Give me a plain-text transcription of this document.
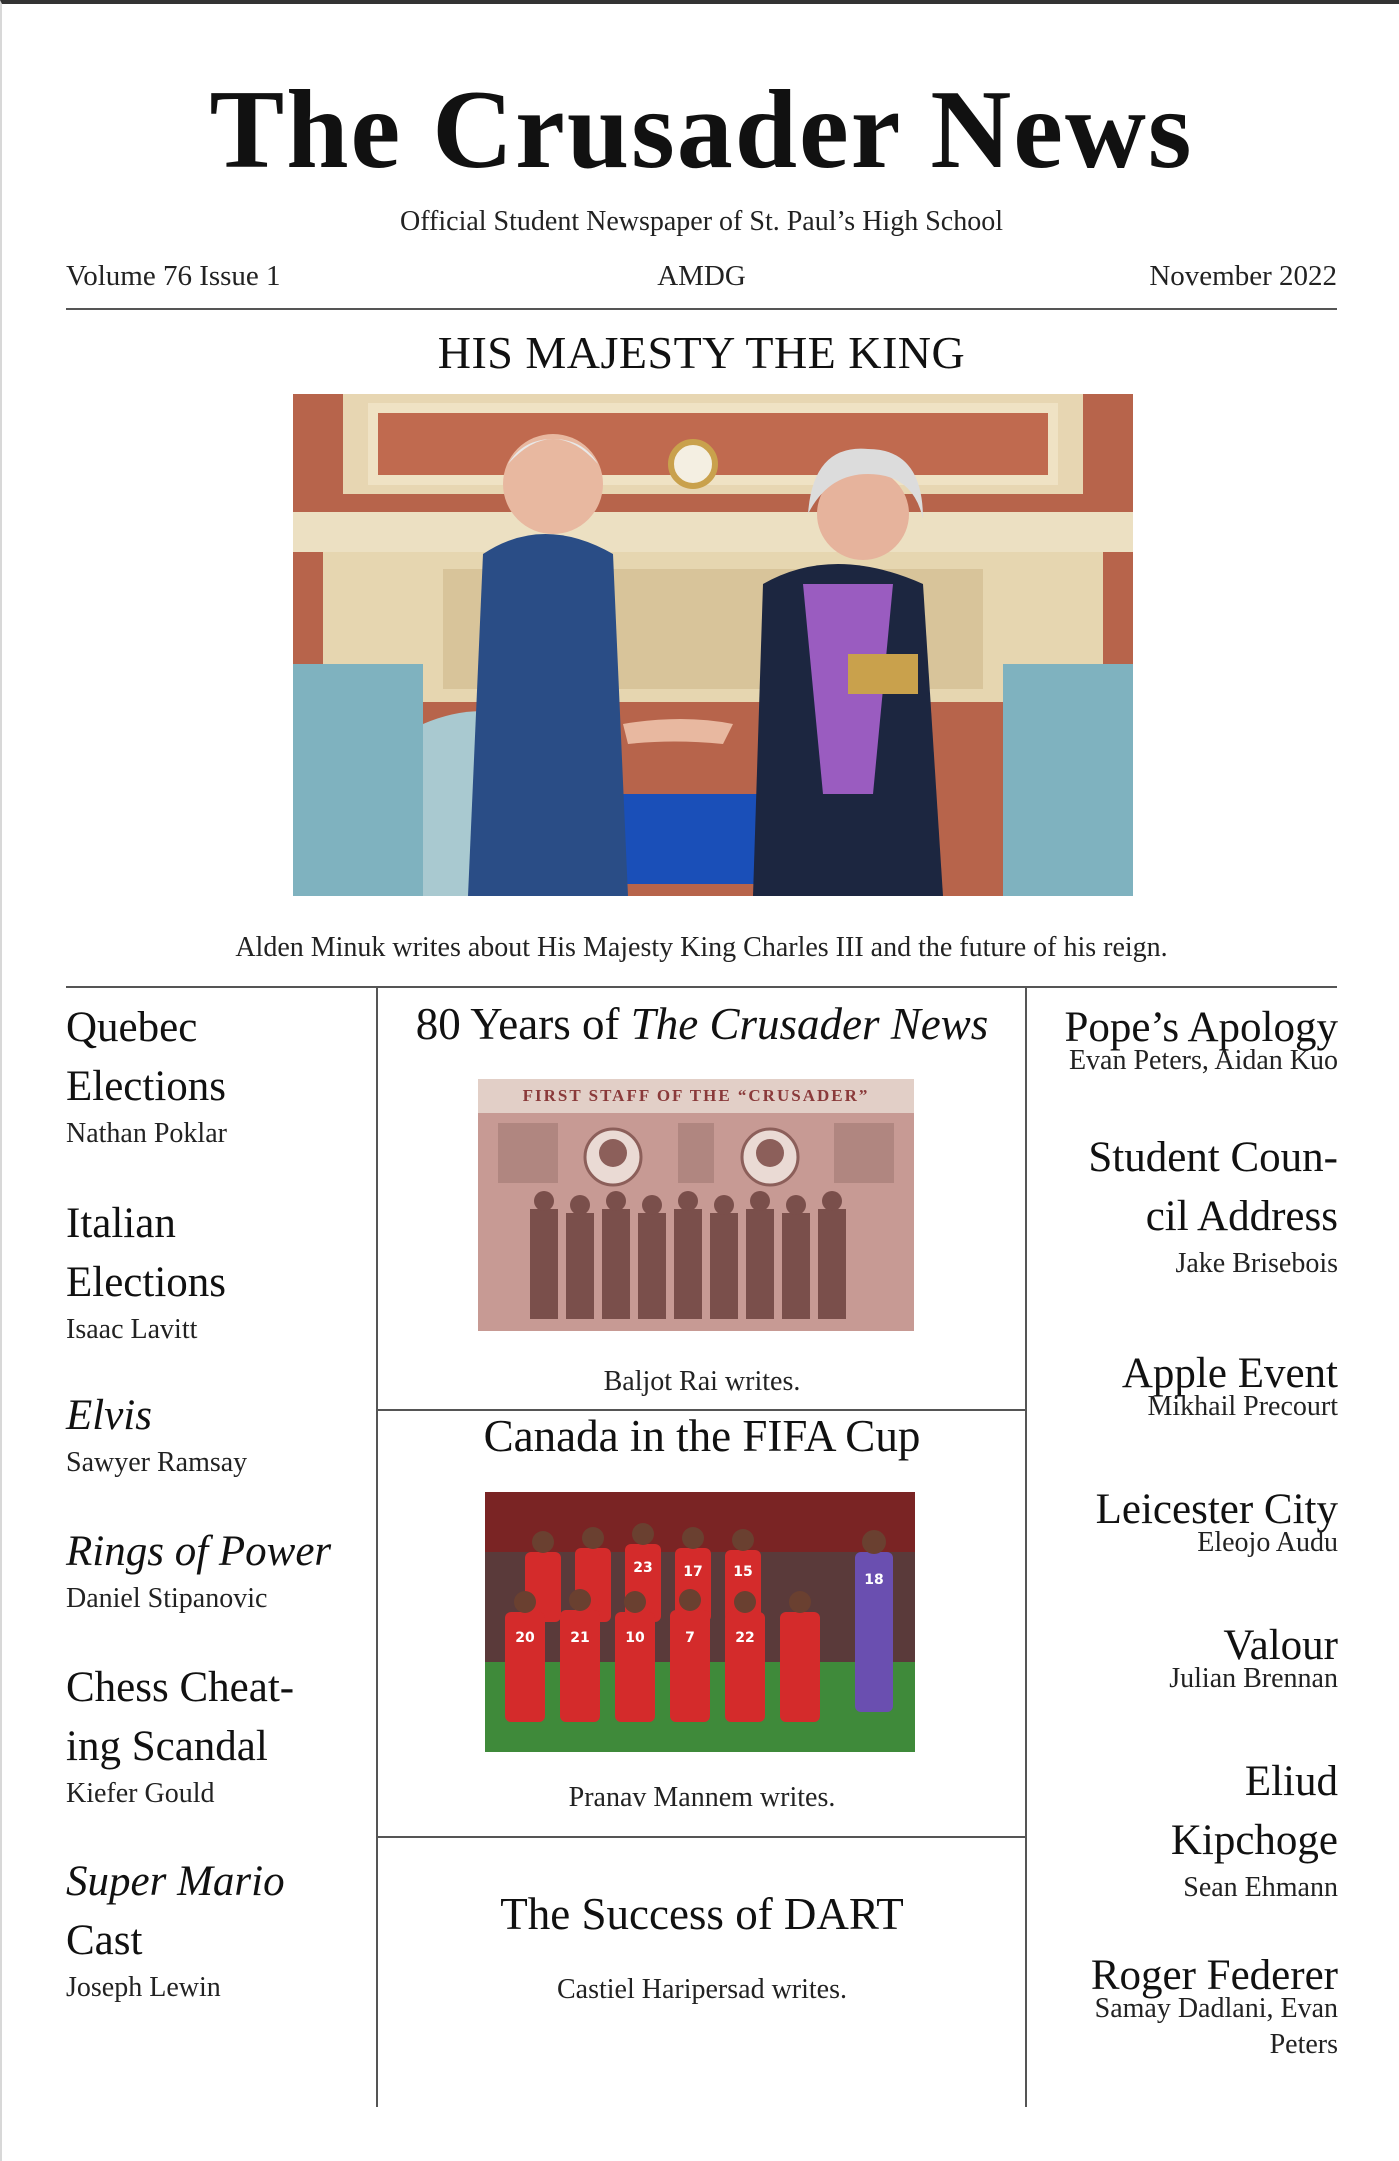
The Crusader News
Official Student Newspaper of St. Paul’s High School
AMDG
Volume 76 Issue 1	November 2022
HIS MAJESTY THE KING
Alden Minuk writes about His Majesty King Charles III and the future of his reign.
Quebec
Elections
Nathan Poklar
Italian
Elections
Isaac Lavitt
Elvis
Sawyer Ramsay
Rings of Power
Daniel Stipanovic
Chess Cheat-
ing Scandal
Kiefer Gould
Super Mario
Cast
Joseph Lewin
80 Years of The Crusader News
FIRST STAFF OF THE “CRUSADER”
Baljot Rai writes.
Canada in the FIFA Cup
23 17 15	18
20	21	10	7	22
Pranav Mannem writes.
The Success of DART
Castiel Haripersad writes.
Pope’s Apology
Evan Peters, Aidan Kuo
Student Coun-
cil Address
Jake Brisebois
Apple Event
Mikhail Precourt
Leicester City
Eleojo Audu
Valour
Julian Brennan
Eliud
Kipchoge
Sean Ehmann
Roger Federer
Samay Dadlani, Evan
Peters
